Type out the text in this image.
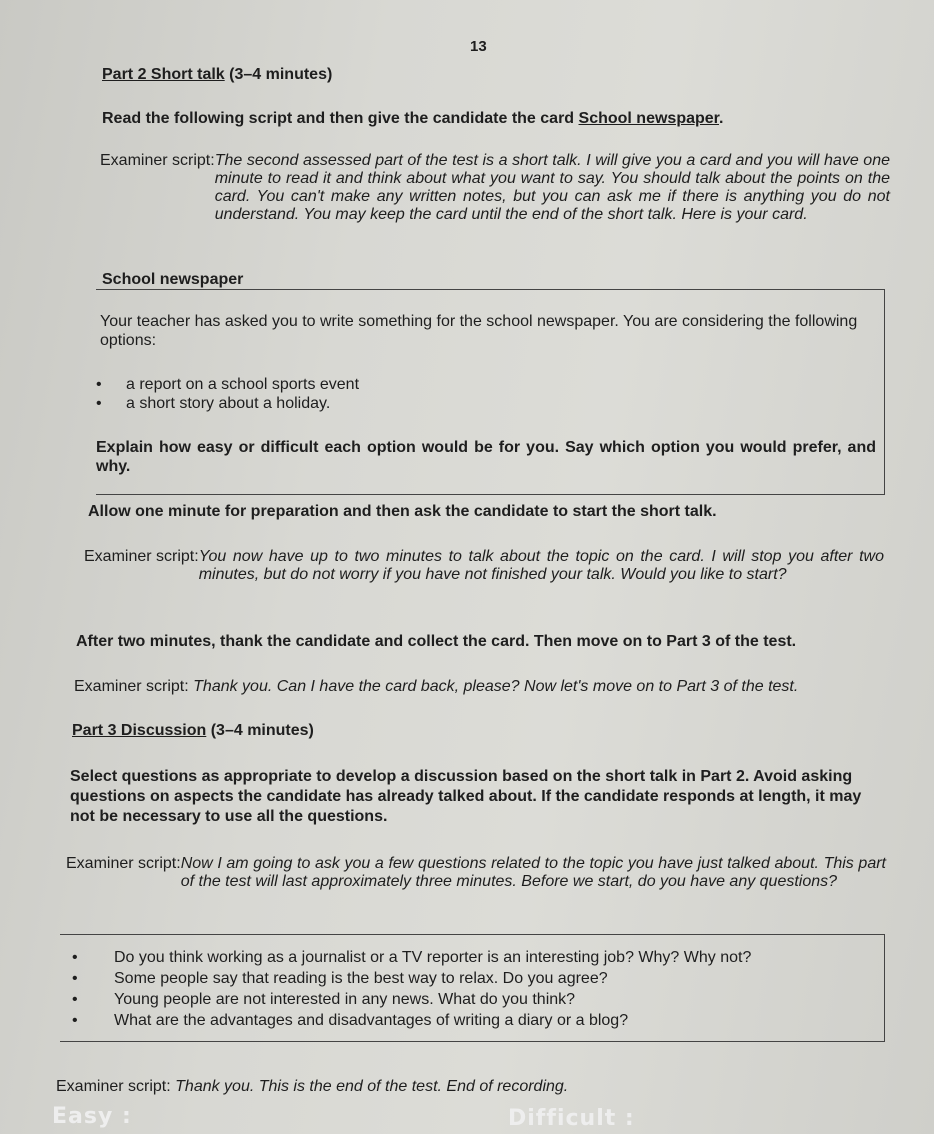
13
Part 2 Short talk (3–4 minutes)
Read the following script and then give the candidate the card School newspaper.
Examiner script: The second assessed part of the test is a short talk. I will give you a card and you will have one minute to read it and think about what you want to say. You should talk about the points on the card. You can't make any written notes, but you can ask me if there is anything you do not understand. You may keep the card until the end of the short talk. Here is your card.
School newspaper
Your teacher has asked you to write something for the school newspaper. You are considering the following options:
•	a report on a school sports event
•	a short story about a holiday.
Explain how easy or difficult each option would be for you. Say which option you would prefer, and why.
Allow one minute for preparation and then ask the candidate to start the short talk.
Examiner script: You now have up to two minutes to talk about the topic on the card. I will stop you after two minutes, but do not worry if you have not finished your talk. Would you like to start?
After two minutes, thank the candidate and collect the card. Then move on to Part 3 of the test.
Examiner script: Thank you. Can I have the card back, please? Now let's move on to Part 3 of the test.
Part 3 Discussion (3–4 minutes)
Select questions as appropriate to develop a discussion based on the short talk in Part 2. Avoid asking questions on aspects the candidate has already talked about. If the candidate responds at length, it may not be necessary to use all the questions.
Examiner script: Now I am going to ask you a few questions related to the topic you have just talked about. This part of the test will last approximately three minutes. Before we start, do you have any questions?
•	Do you think working as a journalist or a TV reporter is an interesting job? Why? Why not?
•	Some people say that reading is the best way to relax. Do you agree?
•	Young people are not interested in any news. What do you think?
•	What are the advantages and disadvantages of writing a diary or a blog?
Examiner script: Thank you. This is the end of the test. End of recording.
Easy :	Difficult :
